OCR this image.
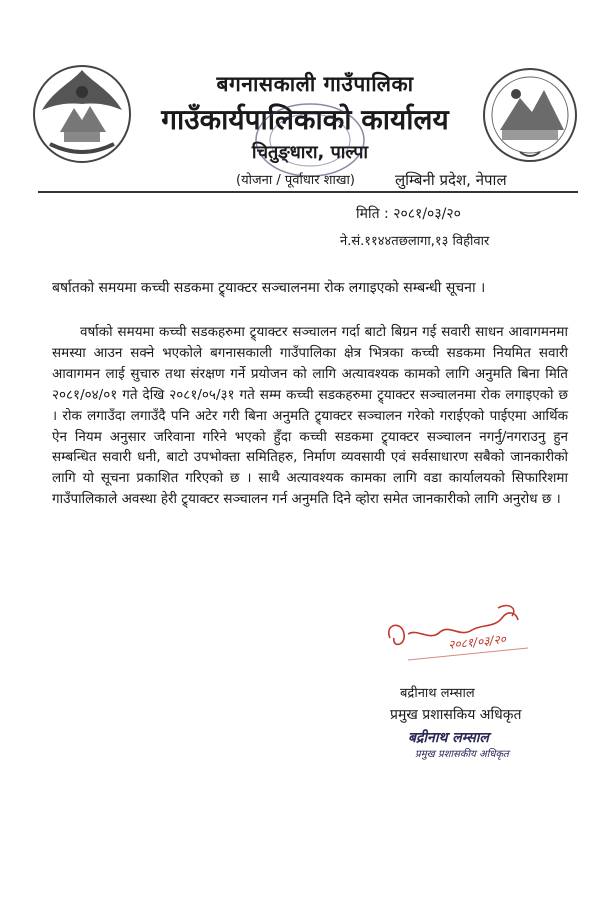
बगनासकाली गाउँपालिका
गाउँकार्यपालिकाको कार्यालय
चितुङ्धारा, पाल्पा
(योजना / पूर्वाधार शाखा)	लुम्बिनी प्रदेश, नेपाल
मिति : २०८१/०३/२०
ने.सं.११४४तछलागा,१३ विहीवार
बर्षातको समयमा कच्ची सडकमा ट्र्याक्टर सञ्चालनमा रोक लगाइएको सम्बन्धी सूचना ।
वर्षाको समयमा कच्ची सडकहरुमा ट्र्याक्टर सञ्चालन गर्दा बाटो बिग्रन गई सवारी साधन आवागमनमा समस्या आउन सक्ने भएकोले बगनासकाली गाउँपालिका क्षेत्र भित्रका कच्ची सडकमा नियमित सवारी आवागमन लाई सुचारु तथा संरक्षण गर्ने प्रयोजन को लागि अत्यावश्यक कामको लागि अनुमति बिना मिति २०८१/०४/०१ गते देखि २०८१/०५/३१ गते सम्म कच्ची सडकहरुमा ट्र्याक्टर सञ्चालनमा रोक लगाइएको छ । रोक लगाउँदा लगाउँदै पनि अटेर गरी बिना अनुमति ट्र्याक्टर सञ्चालन गरेको गराईएको पाईएमा आर्थिक ऐन नियम अनुसार जरिवाना गरिने भएको हुँदा कच्ची सडकमा ट्र्याक्टर सञ्चालन नगर्नु/नगराउनु हुन सम्बन्धित सवारी धनी, बाटो उपभोक्ता समितिहरु, निर्माण व्यवसायी एवं सर्वसाधारण सबैको जानकारीको लागि यो सूचना प्रकाशित गरिएको छ । साथै अत्यावश्यक कामका लागि वडा कार्यालयको सिफारिशमा गाउँपालिकाले अवस्था हेरी ट्र्याक्टर सञ्चालन गर्न अनुमति दिने व्होरा समेत जानकारीको लागि अनुरोध छ ।
२०८१/०३/२०
बद्रीनाथ लम्साल
प्रमुख प्रशासकिय अधिकृत
बद्रीनाथ लम्साल
प्रमुख प्रशासकीय अधिकृत
